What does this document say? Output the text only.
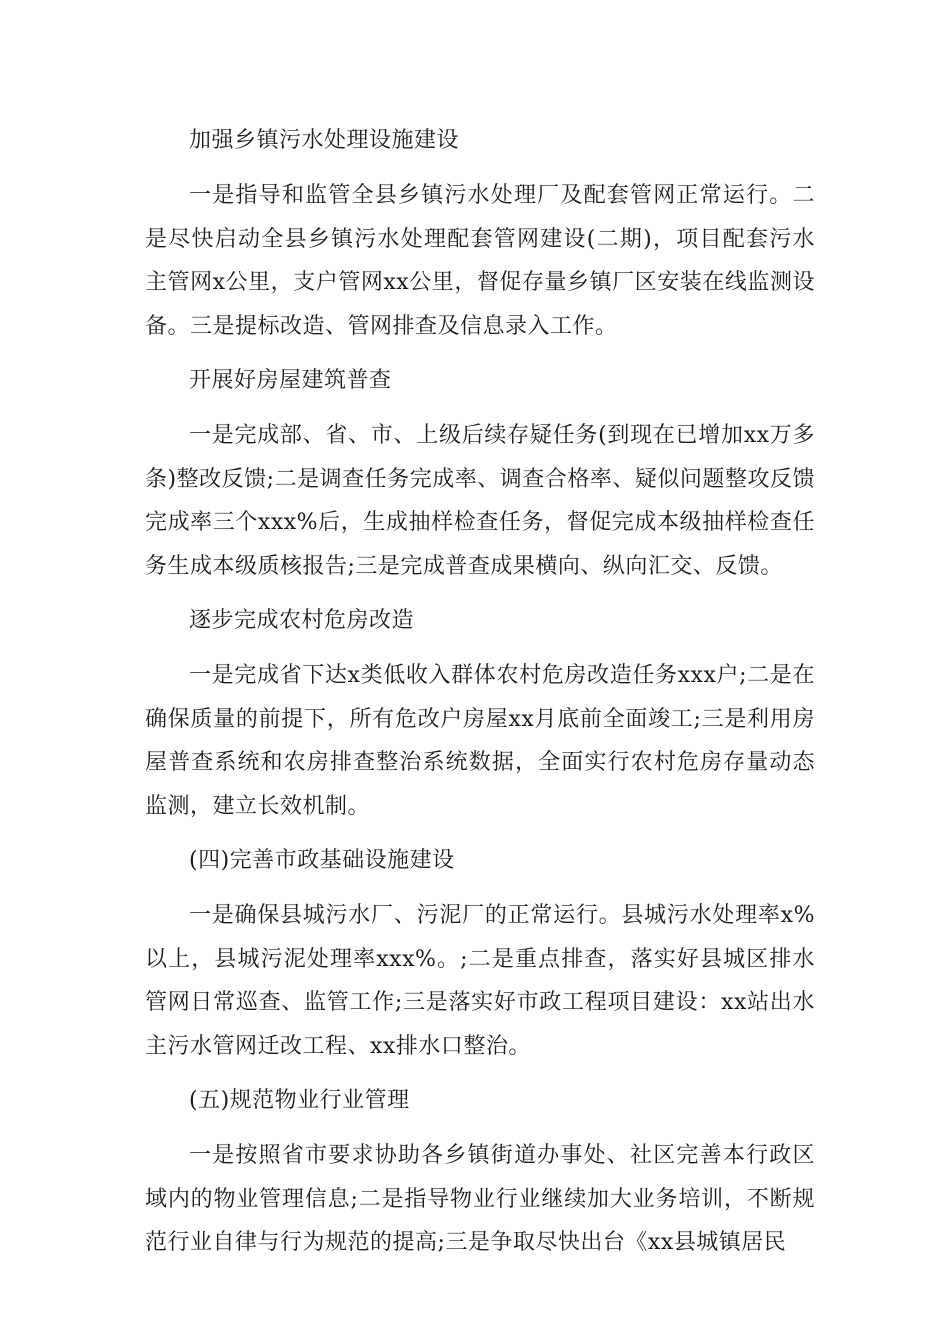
加强乡镇污水处理设施建设
一是指导和监管全县乡镇污水处理厂及配套管网正常运行。二是尽快启动全县乡镇污水处理配套管网建设(二期)，项目配套污水主管网x公里，支户管网xx公里，督促存量乡镇厂区安装在线监测设备。三是提标改造、管网排查及信息录入工作。
开展好房屋建筑普查
一是完成部、省、市、上级后续存疑任务(到现在已增加xx万多条)整改反馈;二是调查任务完成率、调查合格率、疑似问题整攻反馈完成率三个xxx%后，生成抽样检查任务，督促完成本级抽样检查任务生成本级质核报告;三是完成普查成果横向、纵向汇交、反馈。
逐步完成农村危房改造
一是完成省下达x类低收入群体农村危房改造任务xxx户;二是在确保质量的前提下，所有危改户房屋xx月底前全面竣工;三是利用房屋普查系统和农房排查整治系统数据，全面实行农村危房存量动态监测，建立长效机制。
(四)完善市政基础设施建设
一是确保县城污水厂、污泥厂的正常运行。县城污水处理率x%以上，县城污泥处理率xxx%。;二是重点排查，落实好县城区排水管网日常巡查、监管工作;三是落实好市政工程项目建设：xx站出水主污水管网迁改工程、xx排水口整治。
(五)规范物业行业管理
一是按照省市要求协助各乡镇街道办事处、社区完善本行政区域内的物业管理信息;二是指导物业行业继续加大业务培训，不断规范行业自律与行为规范的提高;三是争取尽快出台《xx县城镇居民
